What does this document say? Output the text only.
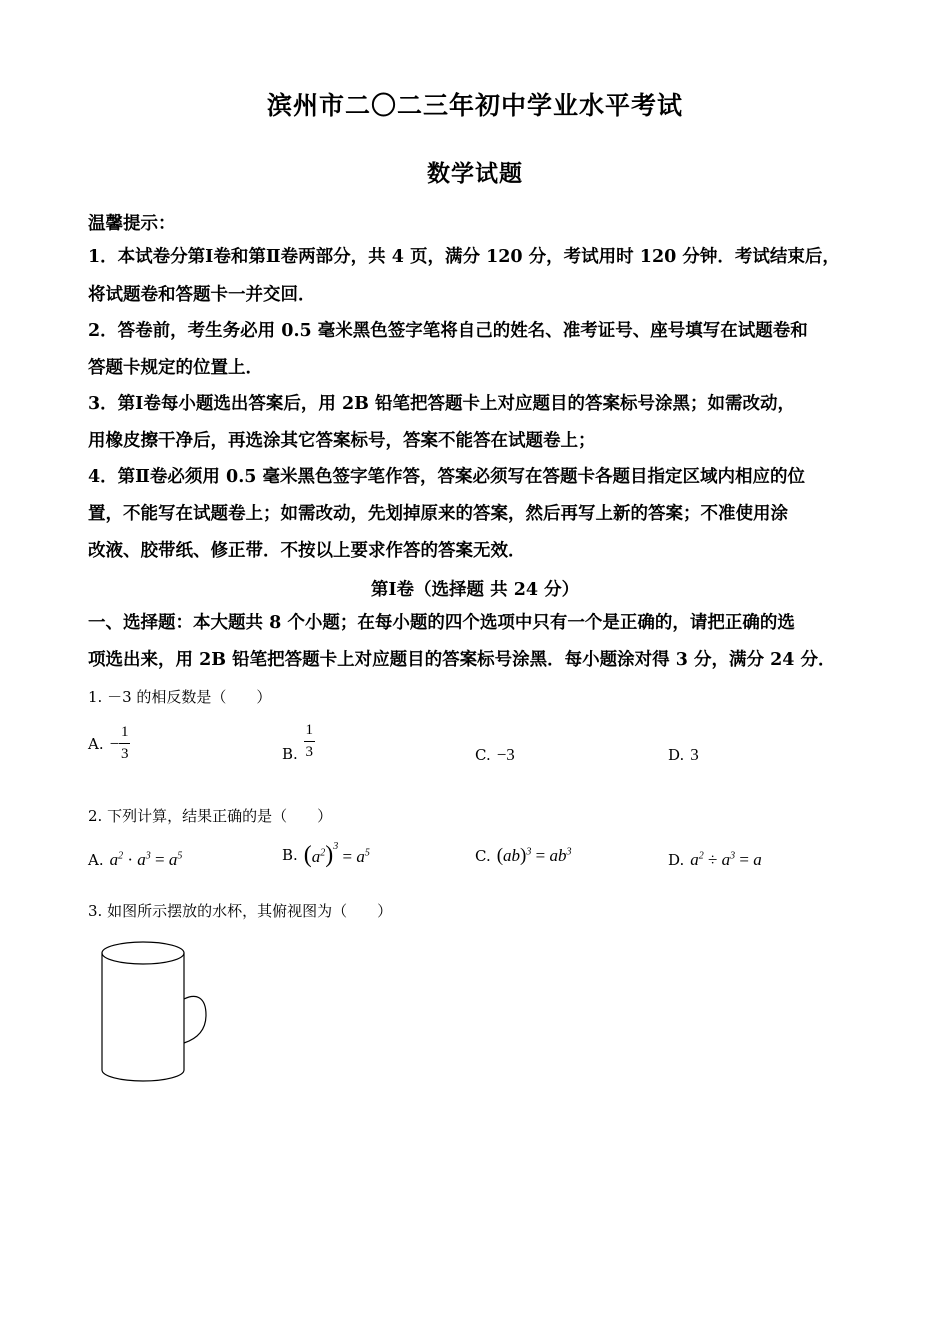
滨州市二〇二三年初中学业水平考试
数学试题
温馨提示：
1．本试卷分第Ⅰ卷和第Ⅱ卷两部分，共 4 页，满分 120 分，考试用时 120 分钟．考试结束后，
将试题卷和答题卡一并交回．
2．答卷前，考生务必用 0.5 毫米黑色签字笔将自己的姓名、准考证号、座号填写在试题卷和
答题卡规定的位置上．
3．第Ⅰ卷每小题选出答案后，用 2B 铅笔把答题卡上对应题目的答案标号涂黑；如需改动，
用橡皮擦干净后，再选涂其它答案标号，答案不能答在试题卷上；
4．第Ⅱ卷必须用 0.5 毫米黑色签字笔作答，答案必须写在答题卡各题目指定区域内相应的位
置，不能写在试题卷上；如需改动，先划掉原来的答案，然后再写上新的答案；不准使用涂
改液、胶带纸、修正带．不按以上要求作答的答案无效．
第Ⅰ卷（选择题 共 24 分）
一、选择题：本大题共 8 个小题；在每小题的四个选项中只有一个是正确的，请把正确的选
项选出来，用 2B 铅笔把答题卡上对应题目的答案标号涂黑．每小题涂对得 3 分，满分 24 分．
1. －3 的相反数是（　　）
A. − $\frac{1}{3}$	B. $\frac{1}{3}$	C. −3	D. 3
2. 下列计算，结果正确的是（　　）
A. $a^2 \cdot a^3 = a^5$	B. $(a^2)^3 = a^5$	C. $(ab)^3 = ab^3$	D. $a^2 \div a^3 = a$
3. 如图所示摆放的水杯，其俯视图为（　　）
